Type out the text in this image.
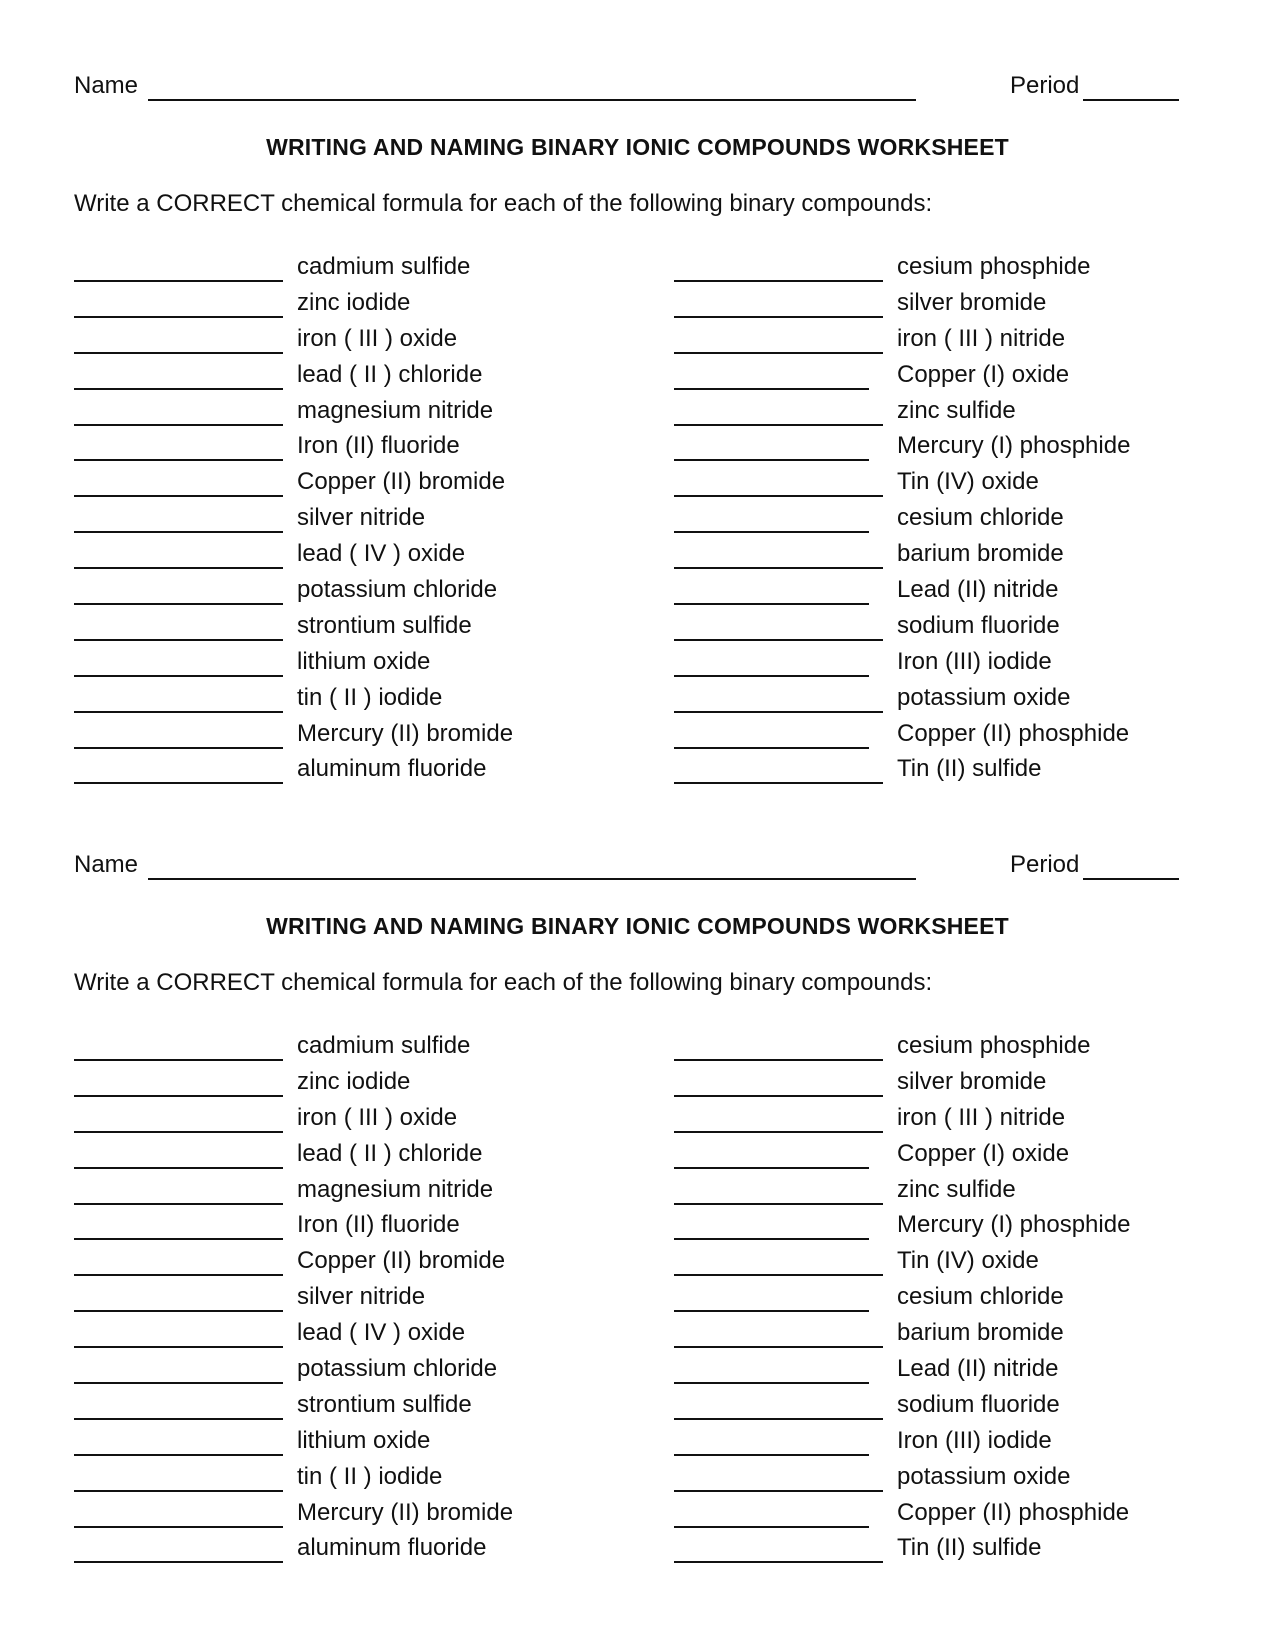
Name	Period
WRITING AND NAMING BINARY IONIC COMPOUNDS WORKSHEET
Write a CORRECT chemical formula for each of the following binary compounds:
cadmium sulfide
zinc iodide
iron ( III ) oxide
lead ( II ) chloride
magnesium nitride
Iron (II) fluoride
Copper (II) bromide
silver nitride
lead ( IV ) oxide
potassium chloride
strontium sulfide
lithium oxide
tin ( II ) iodide
Mercury (II) bromide
aluminum fluoride
cesium phosphide
silver bromide
iron ( III ) nitride
Copper (I) oxide
zinc sulfide
Mercury (I) phosphide
Tin (IV) oxide
cesium chloride
barium bromide
Lead (II) nitride
sodium fluoride
Iron (III) iodide
potassium oxide
Copper (II) phosphide
Tin (II) sulfide
Name	Period
WRITING AND NAMING BINARY IONIC COMPOUNDS WORKSHEET
Write a CORRECT chemical formula for each of the following binary compounds:
cadmium sulfide
zinc iodide
iron ( III ) oxide
lead ( II ) chloride
magnesium nitride
Iron (II) fluoride
Copper (II) bromide
silver nitride
lead ( IV ) oxide
potassium chloride
strontium sulfide
lithium oxide
tin ( II ) iodide
Mercury (II) bromide
aluminum fluoride
cesium phosphide
silver bromide
iron ( III ) nitride
Copper (I) oxide
zinc sulfide
Mercury (I) phosphide
Tin (IV) oxide
cesium chloride
barium bromide
Lead (II) nitride
sodium fluoride
Iron (III) iodide
potassium oxide
Copper (II) phosphide
Tin (II) sulfide
